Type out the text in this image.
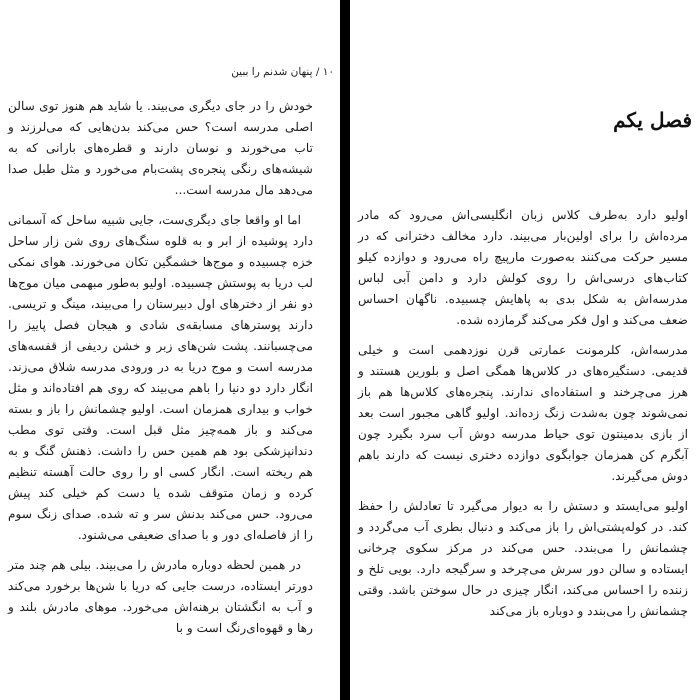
۱۰ / پنهان شدنم را ببین

خودش را در جای دیگری می‌بیند. یا شاید هم هنوز توی سالن اصلی مدرسه است؟ حس می‌کند بدن‌هایی که می‌لرزند و تاب می‌خورند و نوسان دارند و قطره‌های بارانی که به شیشه‌های رنگی پنجره‌ی پشت‌بام می‌خورد و مثل طبل صدا می‌دهد مال مدرسه است...

اما او واقعا جای دیگری‌ست، جایی شبیه ساحل که آسمانی دارد پوشیده از ابر و به قلوه سنگ‌های روی شن زار ساحل خزه چسبیده و موج‌ها خشمگین تکان می‌خورند. هوای نمکی لب دریا به پوستش چسبیده. اولیو به‌طور مبهمی میان موج‌ها دو نفر از دخترهای اول دبیرستان را می‌بیند، مینگ و تریسی. دارند پوسترهای مسابقه‌ی شادی و هیجان فصل پاییز را می‌چسبانند. پشت شن‌های زبر و خشن ردیفی از قفسه‌های مدرسه است و موج دریا به در ورودی مدرسه شلاق می‌زند. انگار دارد دو دنیا را باهم می‌بیند که روی هم افتاده‌اند و مثل خواب و بیداری همزمان است. اولیو چشمانش را باز و بسته می‌کند و باز همه‌چیز مثل قبل است. وقتی توی مطب دندانپزشکی بود هم همین حس را داشت. ذهنش گنگ و به هم ریخته است. انگار کسی او را روی حالت آهسته تنظیم کرده و زمان متوقف شده یا دست کم خیلی کند پیش می‌رود. حس می‌کند بدنش سر و ته شده. صدای زنگ سوم را از فاصله‌ای دور و با صدای ضعیفی می‌شنود.

در همین لحظه دوباره مادرش را می‌بیند. بیلی هم چند متر دورتر ایستاده، درست جایی که دریا با شن‌ها برخورد می‌کند و آب به انگشتان برهنه‌اش می‌خورد. موهای مادرش بلند و رها و قهوه‌ای‌رنگ است و با

فصل یکم

اولیو دارد به‌طرف کلاس زبان انگلیسی‌اش می‌رود که مادر مرده‌اش را برای اولین‌بار می‌بیند. دارد مخالف دخترانی که در مسیر حرکت می‌کنند به‌صورت مارپیچ راه می‌رود و دوازده کیلو کتاب‌های درسی‌اش را روی کولش دارد و دامن آبی لباس مدرسه‌اش به شکل بدی به پاهایش چسبیده. ناگهان احساس ضعف می‌کند و اول فکر می‌کند گرمازده شده.

مدرسه‌اش، کلرمونت عمارتی قرن نوزدهمی است و خیلی قدیمی. دستگیره‌های در کلاس‌ها همگی اصل و بلورین هستند و هرز می‌چرخند و استفاده‌ای ندارند. پنجره‌های کلاس‌ها هم باز نمی‌شوند چون به‌شدت زنگ زده‌اند. اولیو گاهی مجبور است بعد از بازی بدمینتون توی حیاط مدرسه دوش آب سرد بگیرد چون آبگرم کن همزمان جوابگوی دوازده دختری نیست که دارند باهم دوش می‌گیرند.

اولیو می‌ایستد و دستش را به دیوار می‌گیرد تا تعادلش را حفظ کند. در کوله‌پشتی‌اش را باز می‌کند و دنبال بطری آب می‌گردد و چشمانش را می‌بندد. حس می‌کند در مرکز سکوی چرخانی ایستاده و سالن دور سرش می‌چرخد و سرگیجه دارد. بویی تلخ و زننده را احساس می‌کند، انگار چیزی در حال سوختن باشد. وقتی چشمانش را می‌بندد و دوباره باز می‌کند
